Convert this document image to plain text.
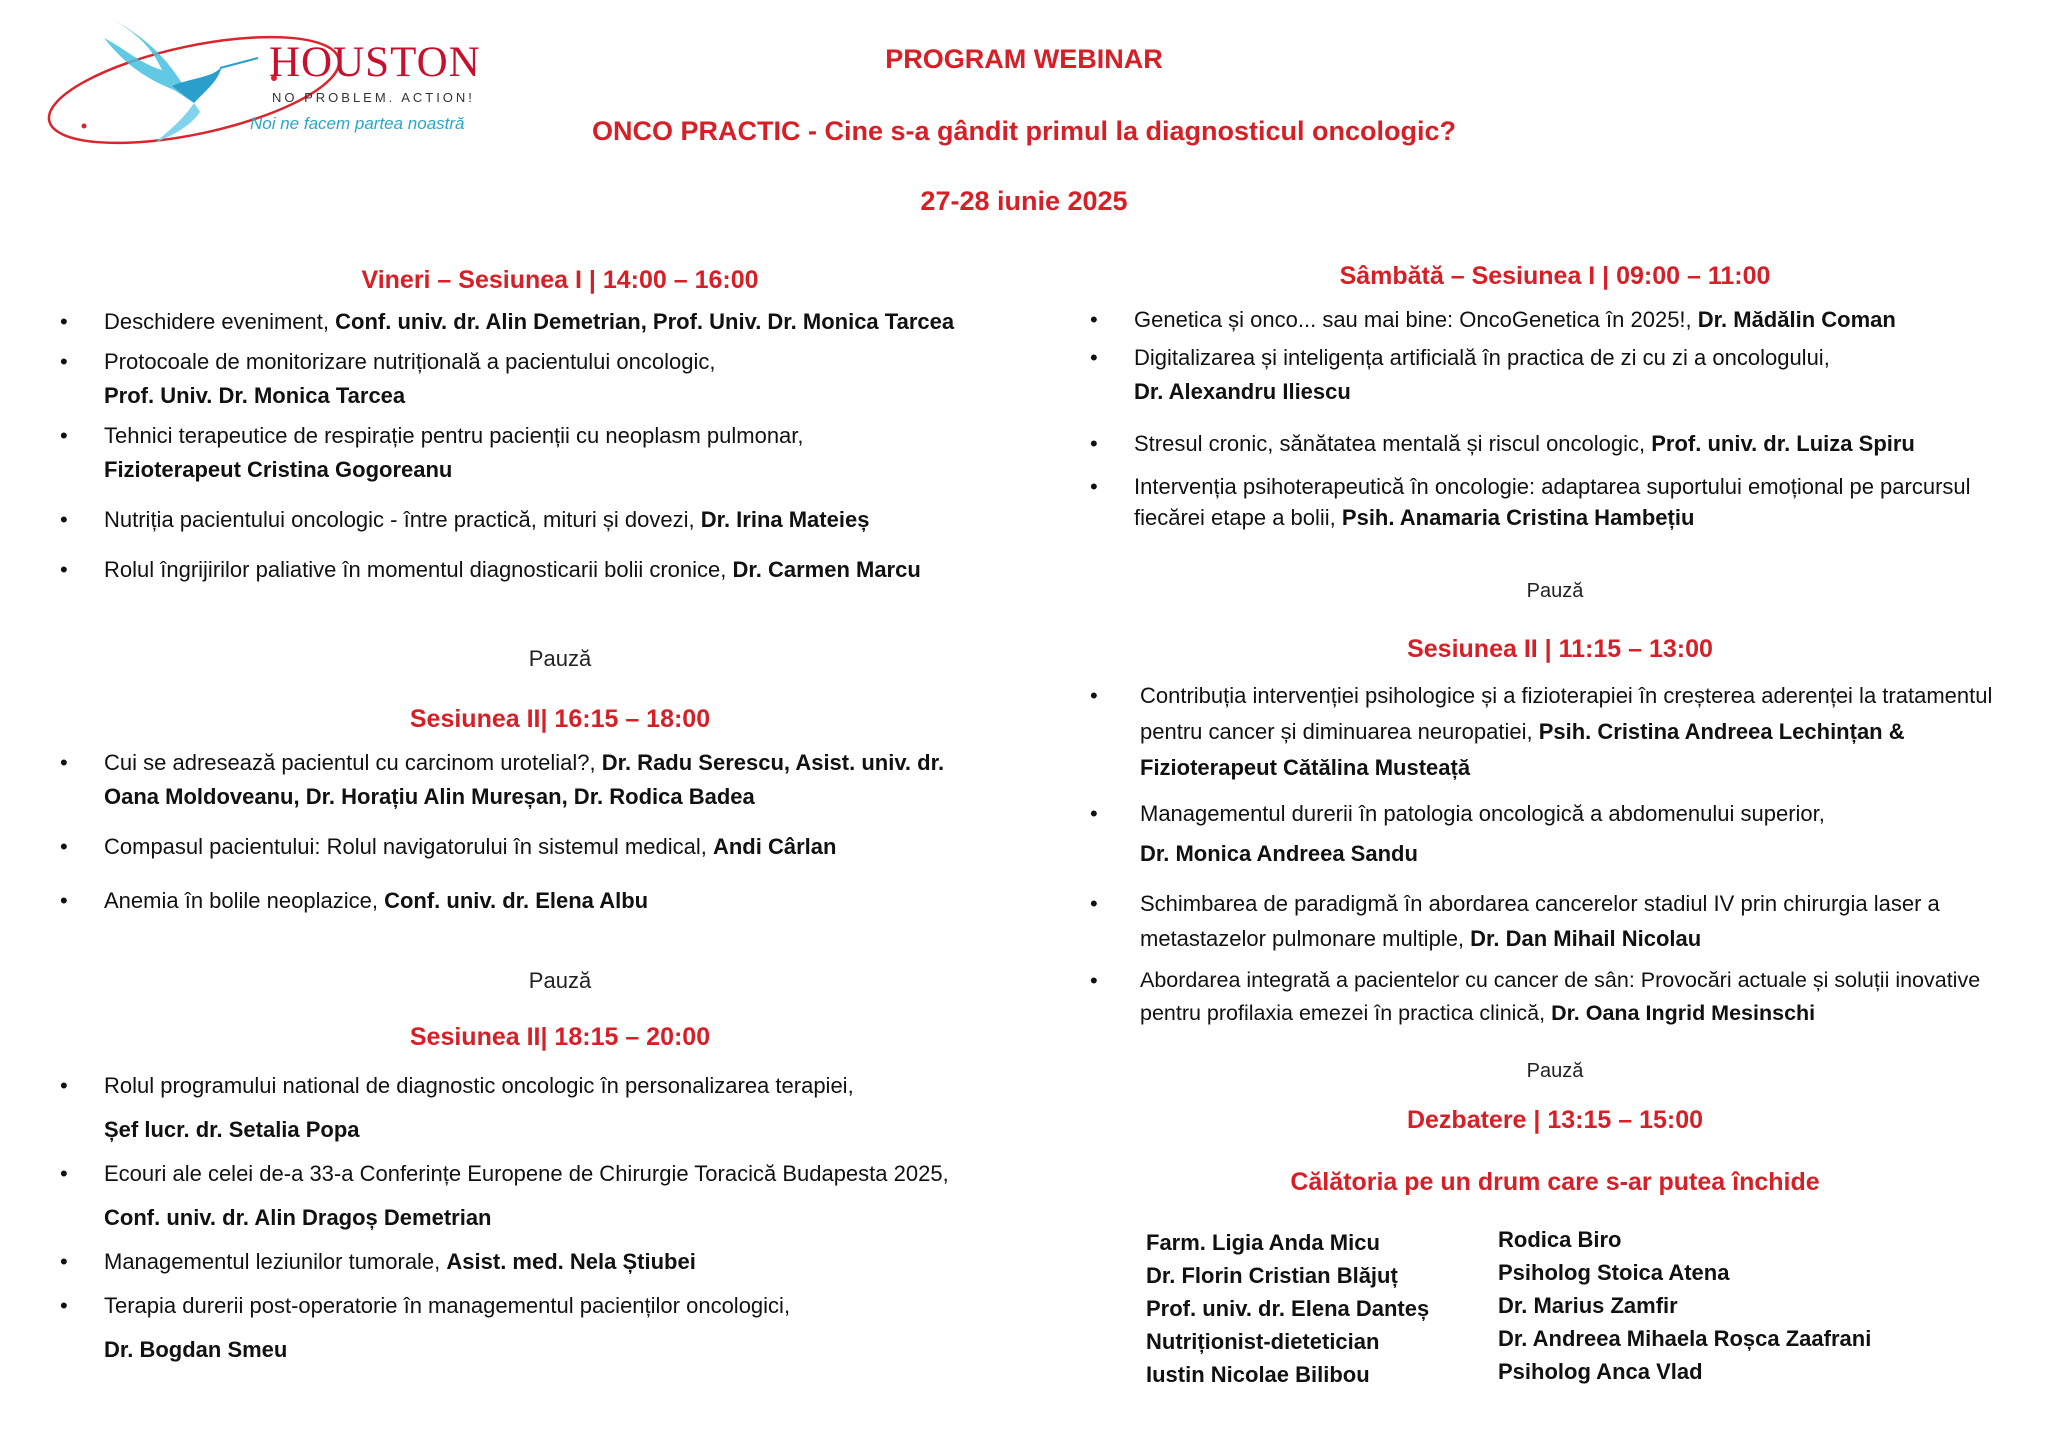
HOUSTON
NO PROBLEM. ACTION!
Noi ne facem partea noastră
PROGRAM WEBINAR
ONCO PRACTIC - Cine s-a gândit primul la diagnosticul oncologic?
27-28 iunie 2025
Vineri – Sesiunea I | 14:00 – 16:00
• Deschidere eveniment, Conf. univ. dr. Alin Demetrian, Prof. Univ. Dr. Monica Tarcea
• Protocoale de monitorizare nutrițională a pacientului oncologic,
Prof. Univ. Dr. Monica Tarcea
• Tehnici terapeutice de respirație pentru pacienții cu neoplasm pulmonar,
Fizioterapeut Cristina Gogoreanu
• Nutriția pacientului oncologic - între practică, mituri și dovezi, Dr. Irina Mateieș
• Rolul îngrijirilor paliative în momentul diagnosticarii bolii cronice, Dr. Carmen Marcu
Pauză
Sesiunea II| 16:15 – 18:00
• Cui se adresează pacientul cu carcinom urotelial?, Dr. Radu Serescu, Asist. univ. dr.
Oana Moldoveanu, Dr. Horațiu Alin Mureșan, Dr. Rodica Badea
• Compasul pacientului: Rolul navigatorului în sistemul medical, Andi Cârlan
• Anemia în bolile neoplazice, Conf. univ. dr. Elena Albu
Pauză
Sesiunea II| 18:15 – 20:00
• Rolul programului national de diagnostic oncologic în personalizarea terapiei,
Șef lucr. dr. Setalia Popa
• Ecouri ale celei de-a 33-a Conferințe Europene de Chirurgie Toracică Budapesta 2025,
Conf. univ. dr. Alin Dragoș Demetrian
• Managementul leziunilor tumorale, Asist. med. Nela Știubei
• Terapia durerii post-operatorie în managementul pacienților oncologici,
Dr. Bogdan Smeu
Sâmbătă – Sesiunea I | 09:00 – 11:00
• Genetica și onco... sau mai bine: OncoGenetica în 2025!, Dr. Mădălin Coman
• Digitalizarea și inteligența artificială în practica de zi cu zi a oncologului,
Dr. Alexandru Iliescu
• Stresul cronic, sănătatea mentală și riscul oncologic, Prof. univ. dr. Luiza Spiru
• Intervenția psihoterapeutică în oncologie: adaptarea suportului emoțional pe parcursul fiecărei etape a bolii, Psih. Anamaria Cristina Hambețiu
Pauză
Sesiunea II | 11:15 – 13:00
• Contribuția intervenției psihologice și a fizioterapiei în creșterea aderenței la tratamentul pentru cancer și diminuarea neuropatiei, Psih. Cristina Andreea Lechințan & Fizioterapeut Cătălina Musteață
• Managementul durerii în patologia oncologică a abdomenului superior,
Dr. Monica Andreea Sandu
• Schimbarea de paradigmă în abordarea cancerelor stadiul IV prin chirurgia laser a metastazelor pulmonare multiple, Dr. Dan Mihail Nicolau
• Abordarea integrată a pacientelor cu cancer de sân: Provocări actuale și soluții inovative pentru profilaxia emezei în practica clinică, Dr. Oana Ingrid Mesinschi
Pauză
Dezbatere | 13:15 – 15:00
Călătoria pe un drum care s-ar putea închide
Farm. Ligia Anda Micu
Dr. Florin Cristian Blăjuț
Prof. univ. dr. Elena Danteș
Nutriționist-dietetician
Iustin Nicolae Bilibou
Rodica Biro
Psiholog Stoica Atena
Dr. Marius Zamfir
Dr. Andreea Mihaela Roșca Zaafrani
Psiholog Anca Vlad
